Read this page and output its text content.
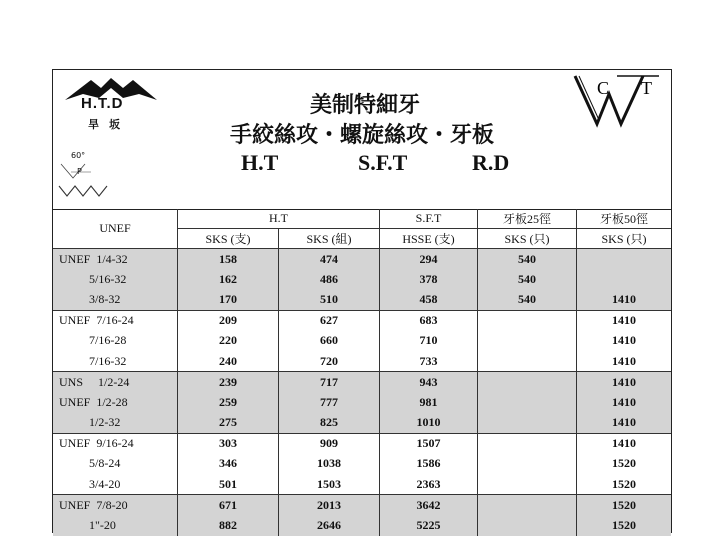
H.T.D
旱坂
60°
P
美制特細牙
手絞絲攻・螺旋絲攻・牙板
H.T	S.F.T	R.D
C T
UNEF	H.T		S.F.T	牙板25徑	牙板50徑
	SKS (支)	SKS (組)	HSSE (支)	SKS (只)	SKS (只)
UNEF  1/4-32	158	474	294	540	
5/16-32	162	486	378	540	
3/8-32	170	510	458	540	1410
UNEF  7/16-24	209	627	683		1410
7/16-28	220	660	710		1410
7/16-32	240	720	733		1410
UNS     1/2-24	239	717	943		1410
UNEF  1/2-28	259	777	981		1410
1/2-32	275	825	1010		1410
UNEF  9/16-24	303	909	1507		1410
5/8-24	346	1038	1586		1520
3/4-20	501	1503	2363		1520
UNEF  7/8-20	671	2013	3642		1520
1"-20	882	2646	5225		1520
